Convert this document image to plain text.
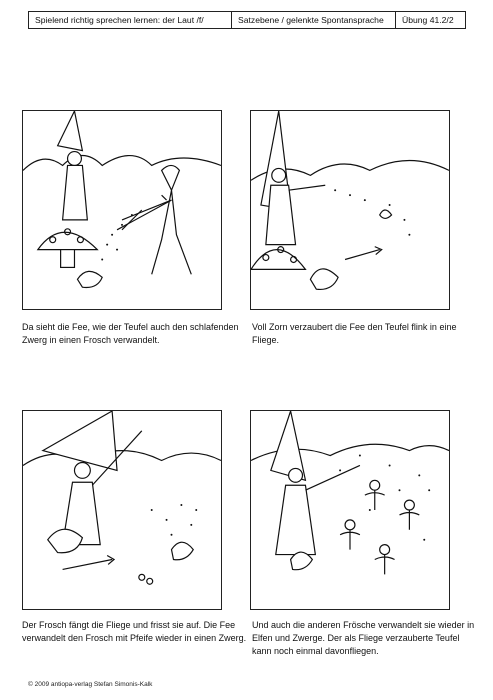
Spielend richtig sprechen lernen: der Laut /f/	Satzebene / gelenkte Spontansprache	Übung 41.2/2
Da sieht die Fee, wie der Teufel auch den schlafenden Zwerg in einen Frosch verwandelt.
Voll Zorn verzaubert die Fee den Teufel flink in eine Fliege.
Der Frosch fängt die Fliege und frisst sie auf. Die Fee verwandelt den Frosch mit Pfeife wieder in einen Zwerg.
Und auch die anderen Frösche verwandelt sie wieder in Elfen und Zwerge. Der als Fliege verzauberte Teufel kann noch einmal davonfliegen.
© 2009 antiopa-verlag Stefan Simonis-Kalk
